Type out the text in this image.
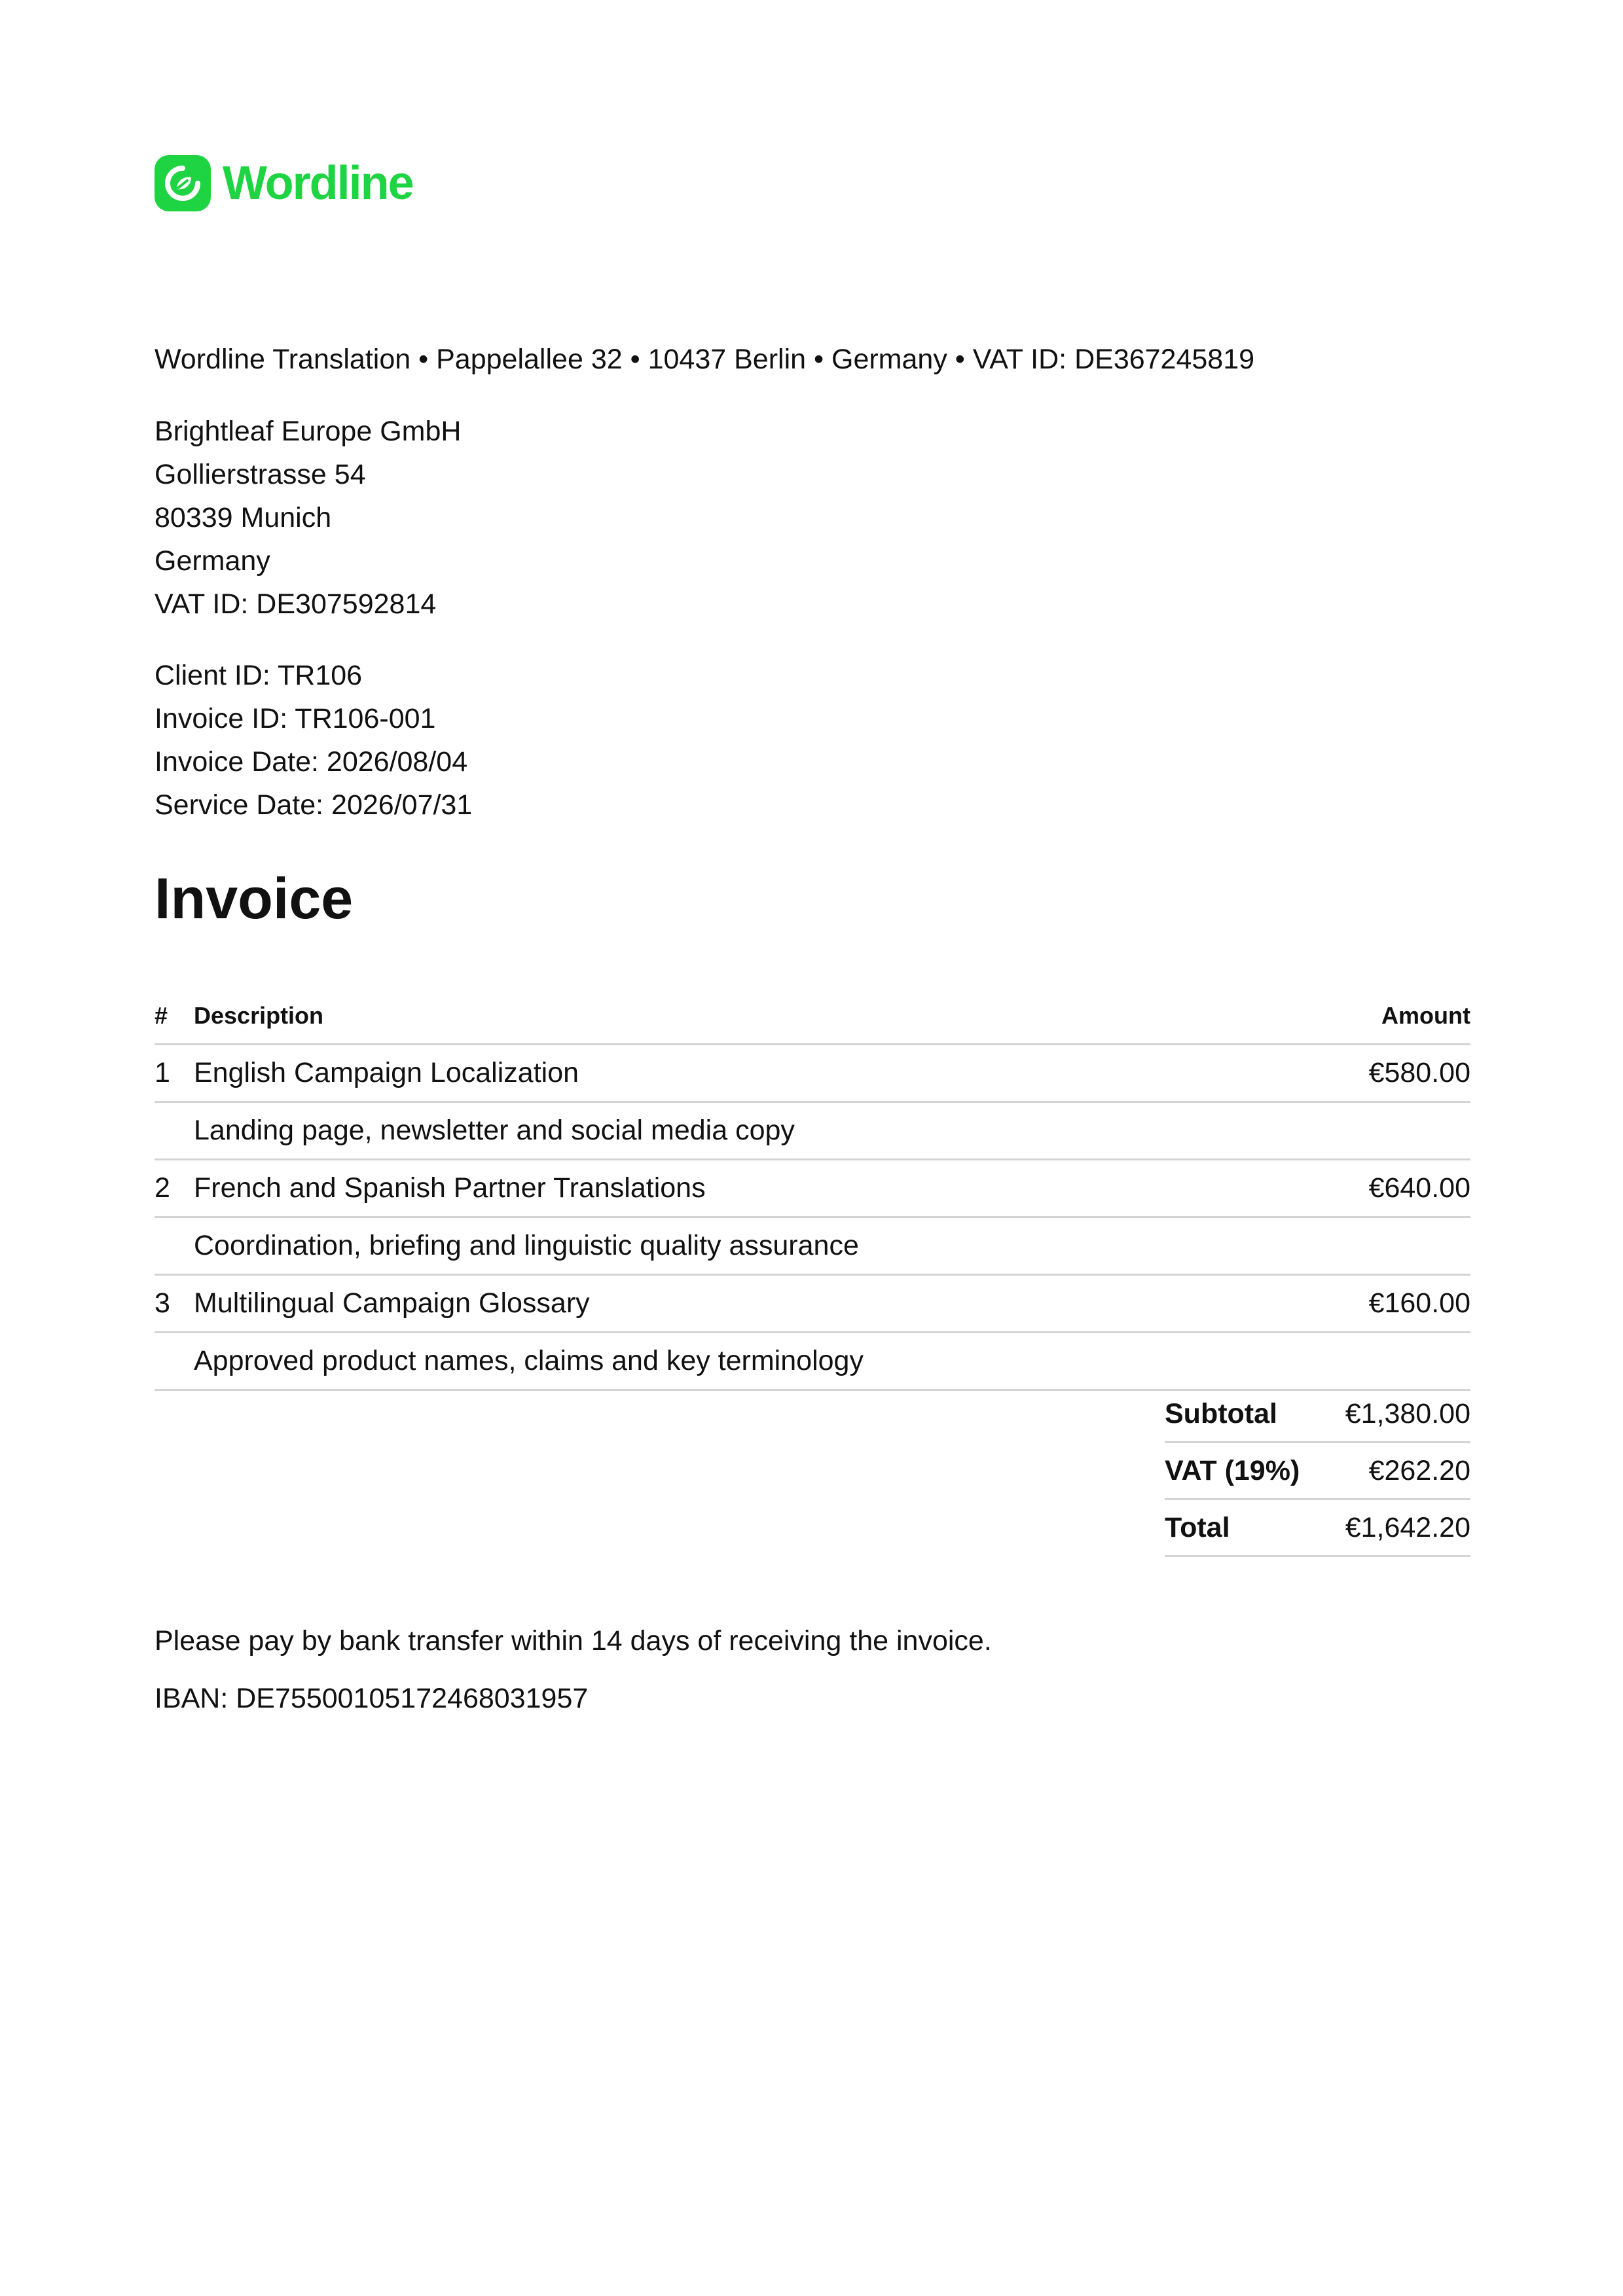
Wordline
Wordline Translation • Pappelallee 32 • 10437 Berlin • Germany • VAT ID: DE367245819
Brightleaf Europe GmbH
Gollierstrasse 54
80339 Munich
Germany
VAT ID: DE307592814
Client ID: TR106
Invoice ID: TR106-001
Invoice Date: 2026/08/04
Service Date: 2026/07/31
Invoice
#	Description	Amount
1	English Campaign Localization	€580.00
	Landing page, newsletter and social media copy	
2	French and Spanish Partner Translations	€640.00
	Coordination, briefing and linguistic quality assurance	
3	Multilingual Campaign Glossary	€160.00
	Approved product names, claims and key terminology	
Subtotal	€1,380.00
VAT (19%)	€262.20
Total	€1,642.20
Please pay by bank transfer within 14 days of receiving the invoice.
IBAN: DE75500105172468031957
